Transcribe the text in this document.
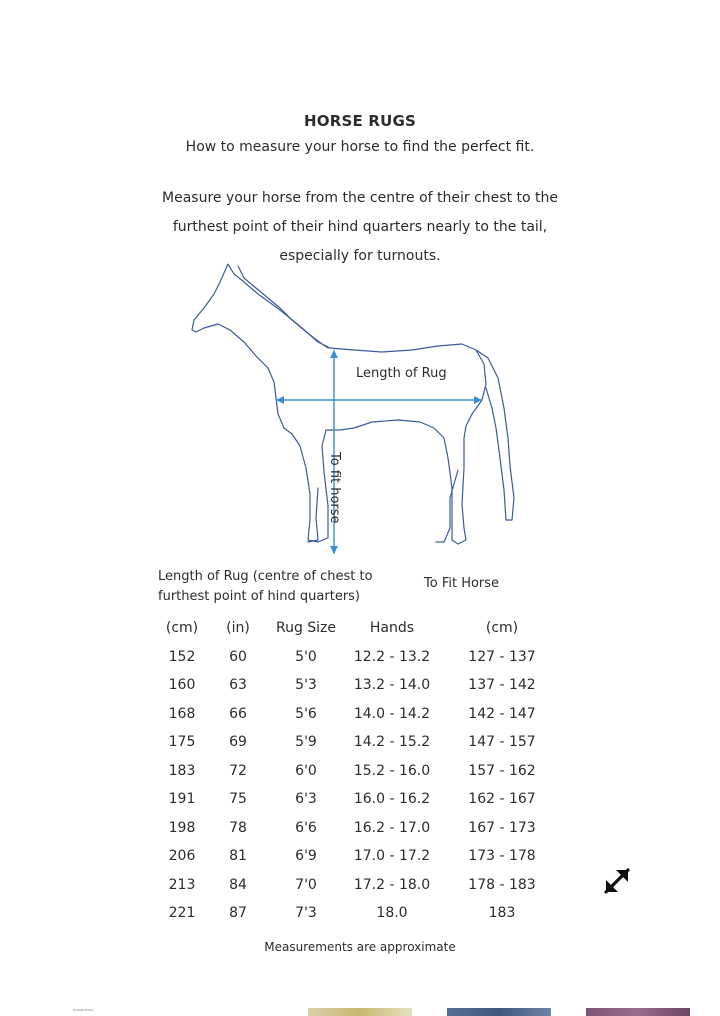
HORSE RUGS
How to measure your horse to find the perfect fit.
Measure your horse from the centre of their chest to the furthest point of their hind quarters nearly to the tail, especially for turnouts.
Length of Rug
To fit horse
Length of Rug (centre of chest to furthest point of hind quarters)
To Fit Horse
(cm)	(in)	Rug Size	Hands	(cm)
152	60	5'0	12.2 - 13.2	127 - 137
160	63	5'3	13.2 - 14.0	137 - 142
168	66	5'6	14.0 - 14.2	142 - 147
175	69	5'9	14.2 - 15.2	147 - 157
183	72	6'0	15.2 - 16.0	157 - 162
191	75	6'3	16.0 - 16.2	162 - 167
198	78	6'6	16.2 - 17.0	167 - 173
206	81	6'9	17.0 - 17.2	173 - 178
213	84	7'0	17.2 - 18.0	178 - 183
221	87	7'3	18.0	183
Measurements are approximate
HORSE RUGS
